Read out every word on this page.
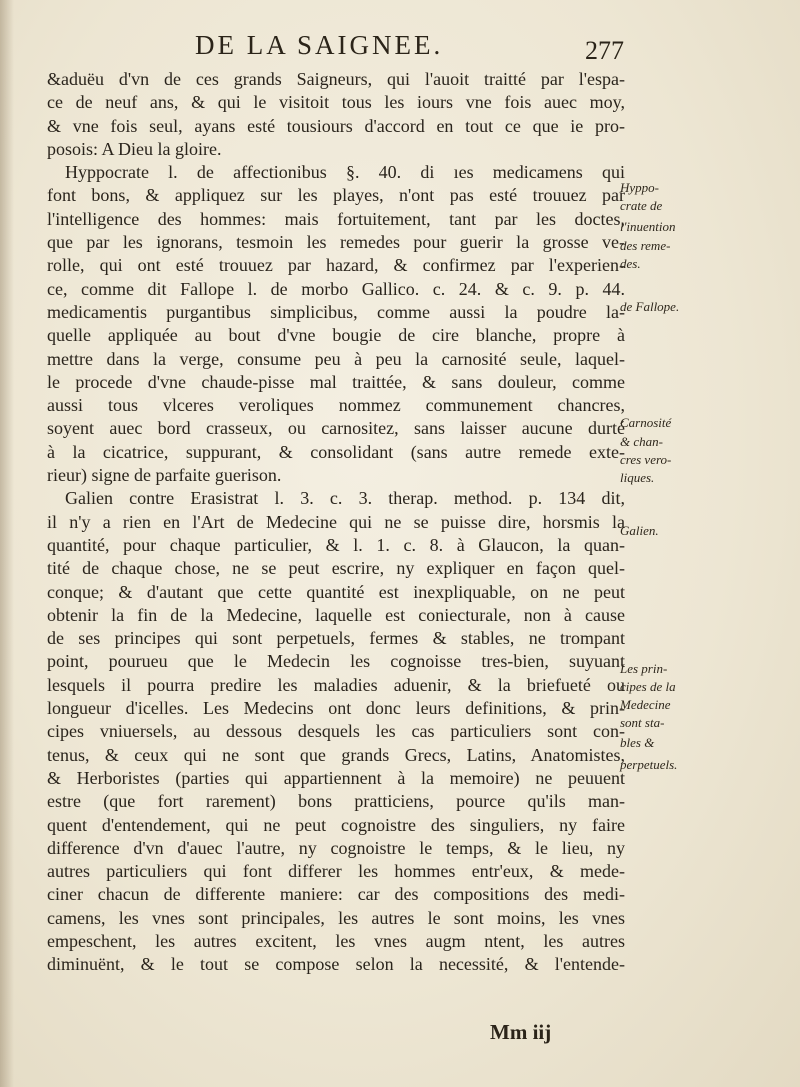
DE LA SAIGNEE.	277
&aduëu d'vn de ces grands Saigneurs, qui l'auoit traitté par l'espa-
ce de neuf ans, & qui le visitoit tous les iours vne fois auec moy,
& vne fois seul, ayans esté tousiours d'accord en tout ce que ie pro-
posois: A Dieu la gloire.
Hyppocrate l. de affectionibus §. 40. di ıes medicamens qui
font bons, & appliquez sur les playes, n'ont pas esté trouuez par
l'intelligence des hommes: mais fortuitement, tant par les doctes,
que par les ignorans, tesmoin les remedes pour guerir la grosse ve-
rolle, qui ont esté trouuez par hazard, & confirmez par l'experien-
ce, comme dit Fallope l. de morbo Gallico. c. 24. & c. 9. p. 44.
medicamentis purgantibus simplicibus, comme aussi la poudre la-
quelle appliquée au bout d'vne bougie de cire blanche, propre à
mettre dans la verge, consume peu à peu la carnosité seule, laquel-
le procede d'vne chaude-pisse mal traittée, & sans douleur, comme
aussi tous vlceres veroliques nommez communement chancres,
soyent auec bord crasseux, ou carnositez, sans laisser aucune durté
à la cicatrice, suppurant, & consolidant (sans autre remede exte-
rieur) signe de parfaite guerison.
Galien contre Erasistrat l. 3. c. 3. therap. method. p. 134 dit,
il n'y a rien en l'Art de Medecine qui ne se puisse dire, horsmis la
quantité, pour chaque particulier, & l. 1. c. 8. à Glaucon, la quan-
tité de chaque chose, ne se peut escrire, ny expliquer en façon quel-
conque; & d'autant que cette quantité est inexpliquable, on ne peut
obtenir la fin de la Medecine, laquelle est coniecturale, non à cause
de ses principes qui sont perpetuels, fermes & stables, ne trompant
point, pourueu que le Medecin les cognoisse tres-bien, suyuant
lesquels il pourra predire les maladies aduenir, & la briefueté ou
longueur d'icelles. Les Medecins ont donc leurs definitions, & prin-
cipes vniuersels, au dessous desquels les cas particuliers sont con-
tenus, & ceux qui ne sont que grands Grecs, Latins, Anatomistes,
& Herboristes (parties qui appartiennent à la memoire) ne peuuent
estre (que fort rarement) bons pratticiens, pource qu'ils man-
quent d'entendement, qui ne peut cognoistre des singuliers, ny faire
difference d'vn d'auec l'autre, ny cognoistre le temps, & le lieu, ny
autres particuliers qui font differer les hommes entr'eux, & mede-
ciner chacun de differente maniere: car des compositions des medi-
camens, les vnes sont principales, les autres le sont moins, les vnes
empeschent, les autres excitent, les vnes augm ntent, les autres
diminuënt, & le tout se compose selon la necessité, & l'entende-
Hyppo-
crate de
l'inuention
des reme-
des.
de Fallope.
Carnosité
& chan-
cres vero-
liques.
Galien.
Les prin-
cipes de la
Medecine
sont sta-
bles &
perpetuels.
Mm iij
